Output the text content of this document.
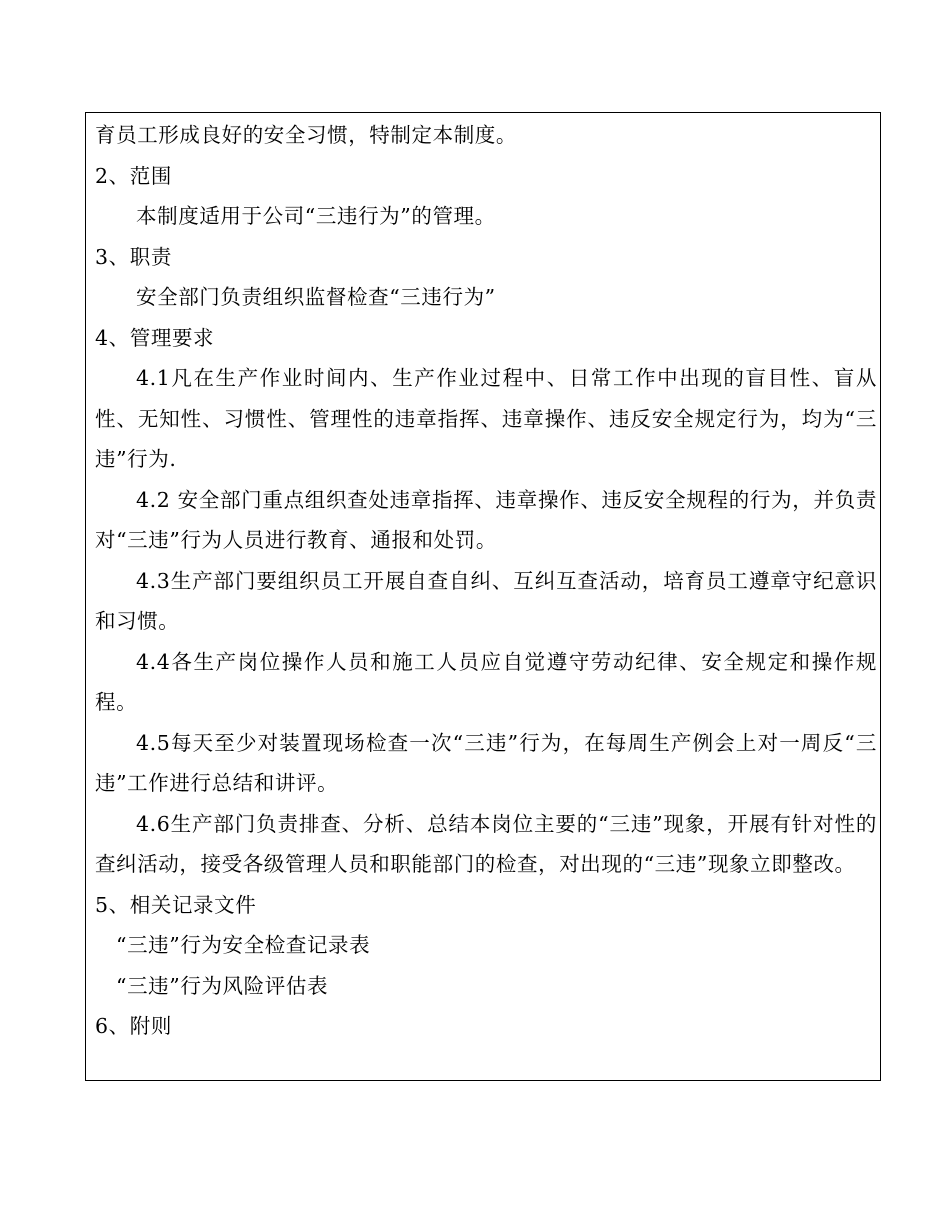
育员工形成良好的安全习惯，特制定本制度。

2、范围

本制度适用于公司“三违行为”的管理。

3、职责

安全部门负责组织监督检查“三违行为”

4、管理要求

4.1凡在生产作业时间内、生产作业过程中、日常工作中出现的盲目性、盲从性、无知性、习惯性、管理性的违章指挥、违章操作、违反安全规定行为，均为“三违”行为.

4.2 安全部门重点组织查处违章指挥、违章操作、违反安全规程的行为，并负责对“三违”行为人员进行教育、通报和处罚。

4.3生产部门要组织员工开展自查自纠、互纠互查活动，培育员工遵章守纪意识和习惯。

4.4各生产岗位操作人员和施工人员应自觉遵守劳动纪律、安全规定和操作规程。

4.5每天至少对装置现场检查一次“三违”行为，在每周生产例会上对一周反“三违”工作进行总结和讲评。

4.6生产部门负责排查、分析、总结本岗位主要的“三违”现象，开展有针对性的查纠活动，接受各级管理人员和职能部门的检查，对出现的“三违”现象立即整改。

5、相关记录文件

“三违”行为安全检查记录表

“三违”行为风险评估表

6、附则
